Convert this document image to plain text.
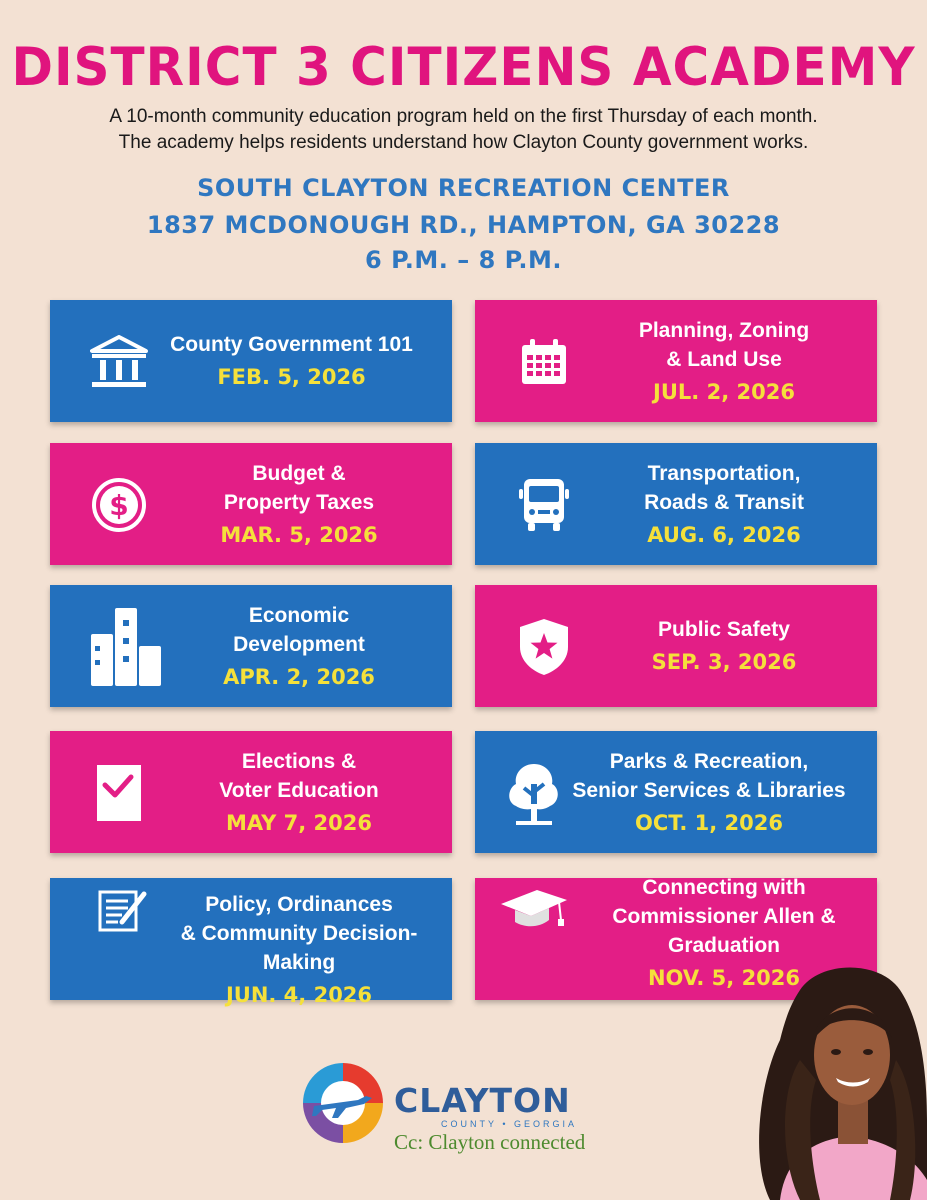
DISTRICT 3 CITIZENS ACADEMY
A 10-month community education program held on the first Thursday of each month.
The academy helps residents understand how Clayton County government works.
SOUTH CLAYTON RECREATION CENTER
1837 MCDONOUGH RD., HAMPTON, GA 30228
6 P.M. – 8 P.M.
County Government 101
FEB. 5, 2026
Planning, Zoning
& Land Use
JUL. 2, 2026
$
Budget &
Property Taxes
MAR. 5, 2026
Transportation,
Roads & Transit
AUG. 6, 2026
Economic
Development
APR. 2, 2026
Public Safety
SEP. 3, 2026
Elections &
Voter Education
MAY 7, 2026
Parks & Recreation,
Senior Services & Libraries
OCT. 1, 2026
Policy, Ordinances
& Community Decision-Making
JUN. 4, 2026
Connecting with
Commissioner Allen & Graduation
NOV. 5, 2026
CLAYTON
COUNTY • GEORGIA
Cc: Clayton connected
